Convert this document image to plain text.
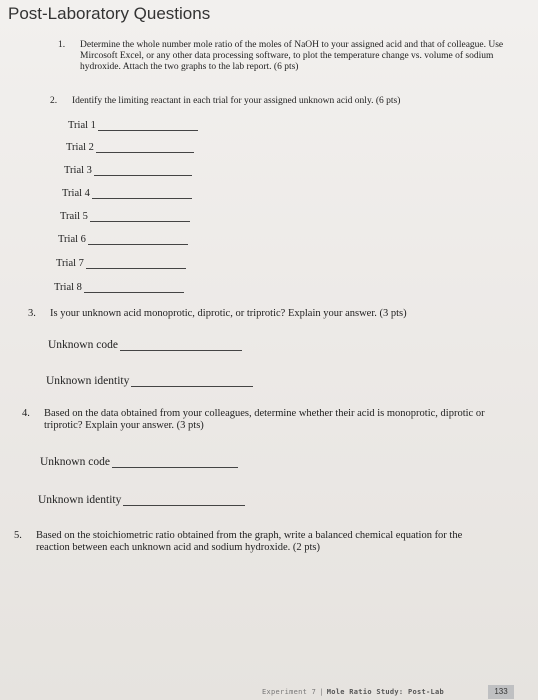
Post-Laboratory Questions
1. Determine the whole number mole ratio of the moles of NaOH to your assigned acid and that of colleague. Use Mircosoft Excel, or any other data processing software, to plot the temperature change vs. volume of sodium hydroxide. Attach the two graphs to the lab report. (6 pts)
2. Identify the limiting reactant in each trial for your assigned unknown acid only. (6 pts)
Trial 1
Trial 2
Trial 3
Trial 4
Trail 5
Trial 6
Trial 7
Trial 8
3. Is your unknown acid monoprotic, diprotic, or triprotic? Explain your answer. (3 pts)
Unknown code
Unknown identity
4. Based on the data obtained from your colleagues, determine whether their acid is monoprotic, diprotic or triprotic? Explain your answer. (3 pts)
Unknown code
Unknown identity
5. Based on the stoichiometric ratio obtained from the graph, write a balanced chemical equation for the reaction between each unknown acid and sodium hydroxide. (2 pts)
Experiment 7 | Mole Ratio Study: Post-Lab	133
